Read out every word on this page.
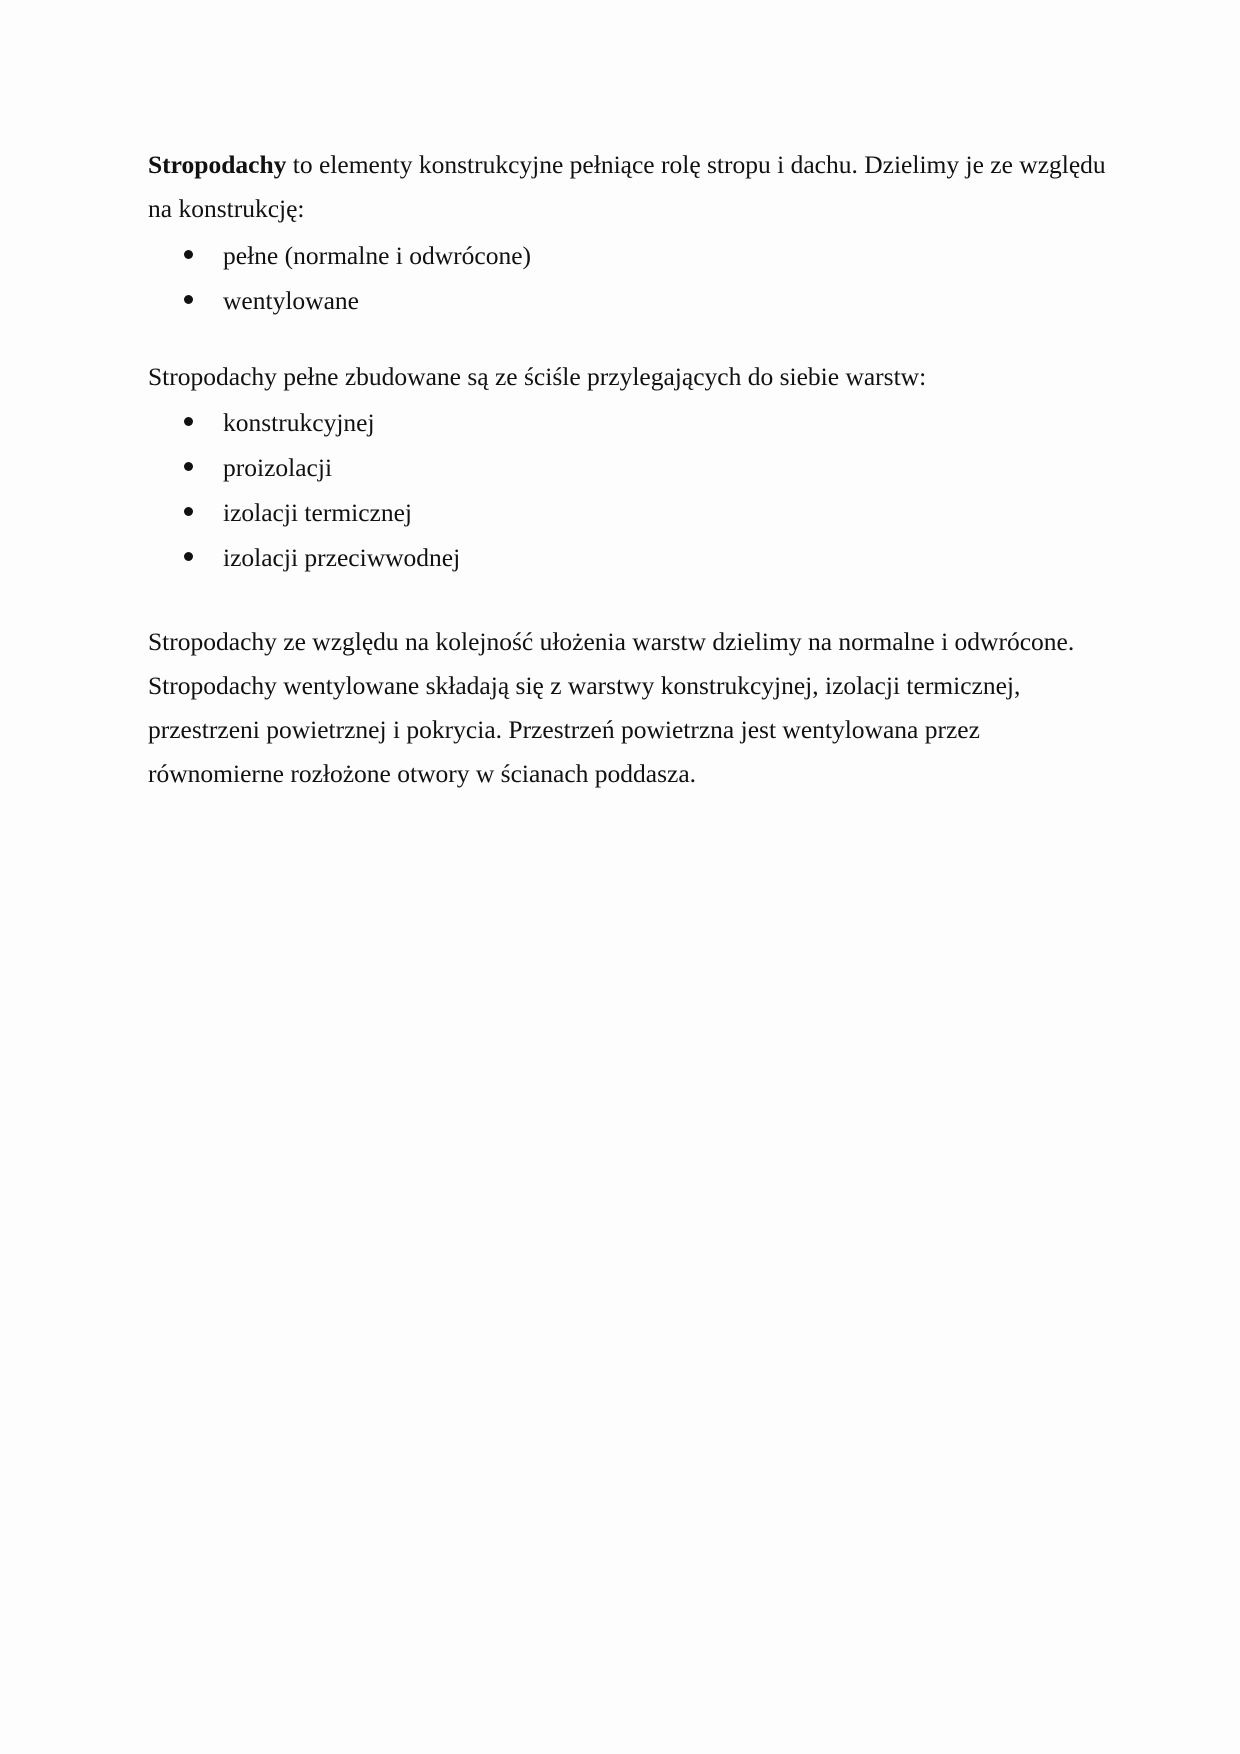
Stropodachy to elementy konstrukcyjne pełniące rolę stropu i dachu. Dzielimy je ze względu

na konstrukcję:

pełne (normalne i odwrócone)
wentylowane

Stropodachy pełne zbudowane są ze ściśle przylegających do siebie warstw:

konstrukcyjnej
proizolacji
izolacji termicznej
izolacji przeciwwodnej

Stropodachy ze względu na kolejność ułożenia warstw dzielimy na normalne i odwrócone.

Stropodachy wentylowane składają się z warstwy konstrukcyjnej, izolacji termicznej,

przestrzeni powietrznej i pokrycia. Przestrzeń powietrzna jest wentylowana przez

równomierne rozłożone otwory w ścianach poddasza.
